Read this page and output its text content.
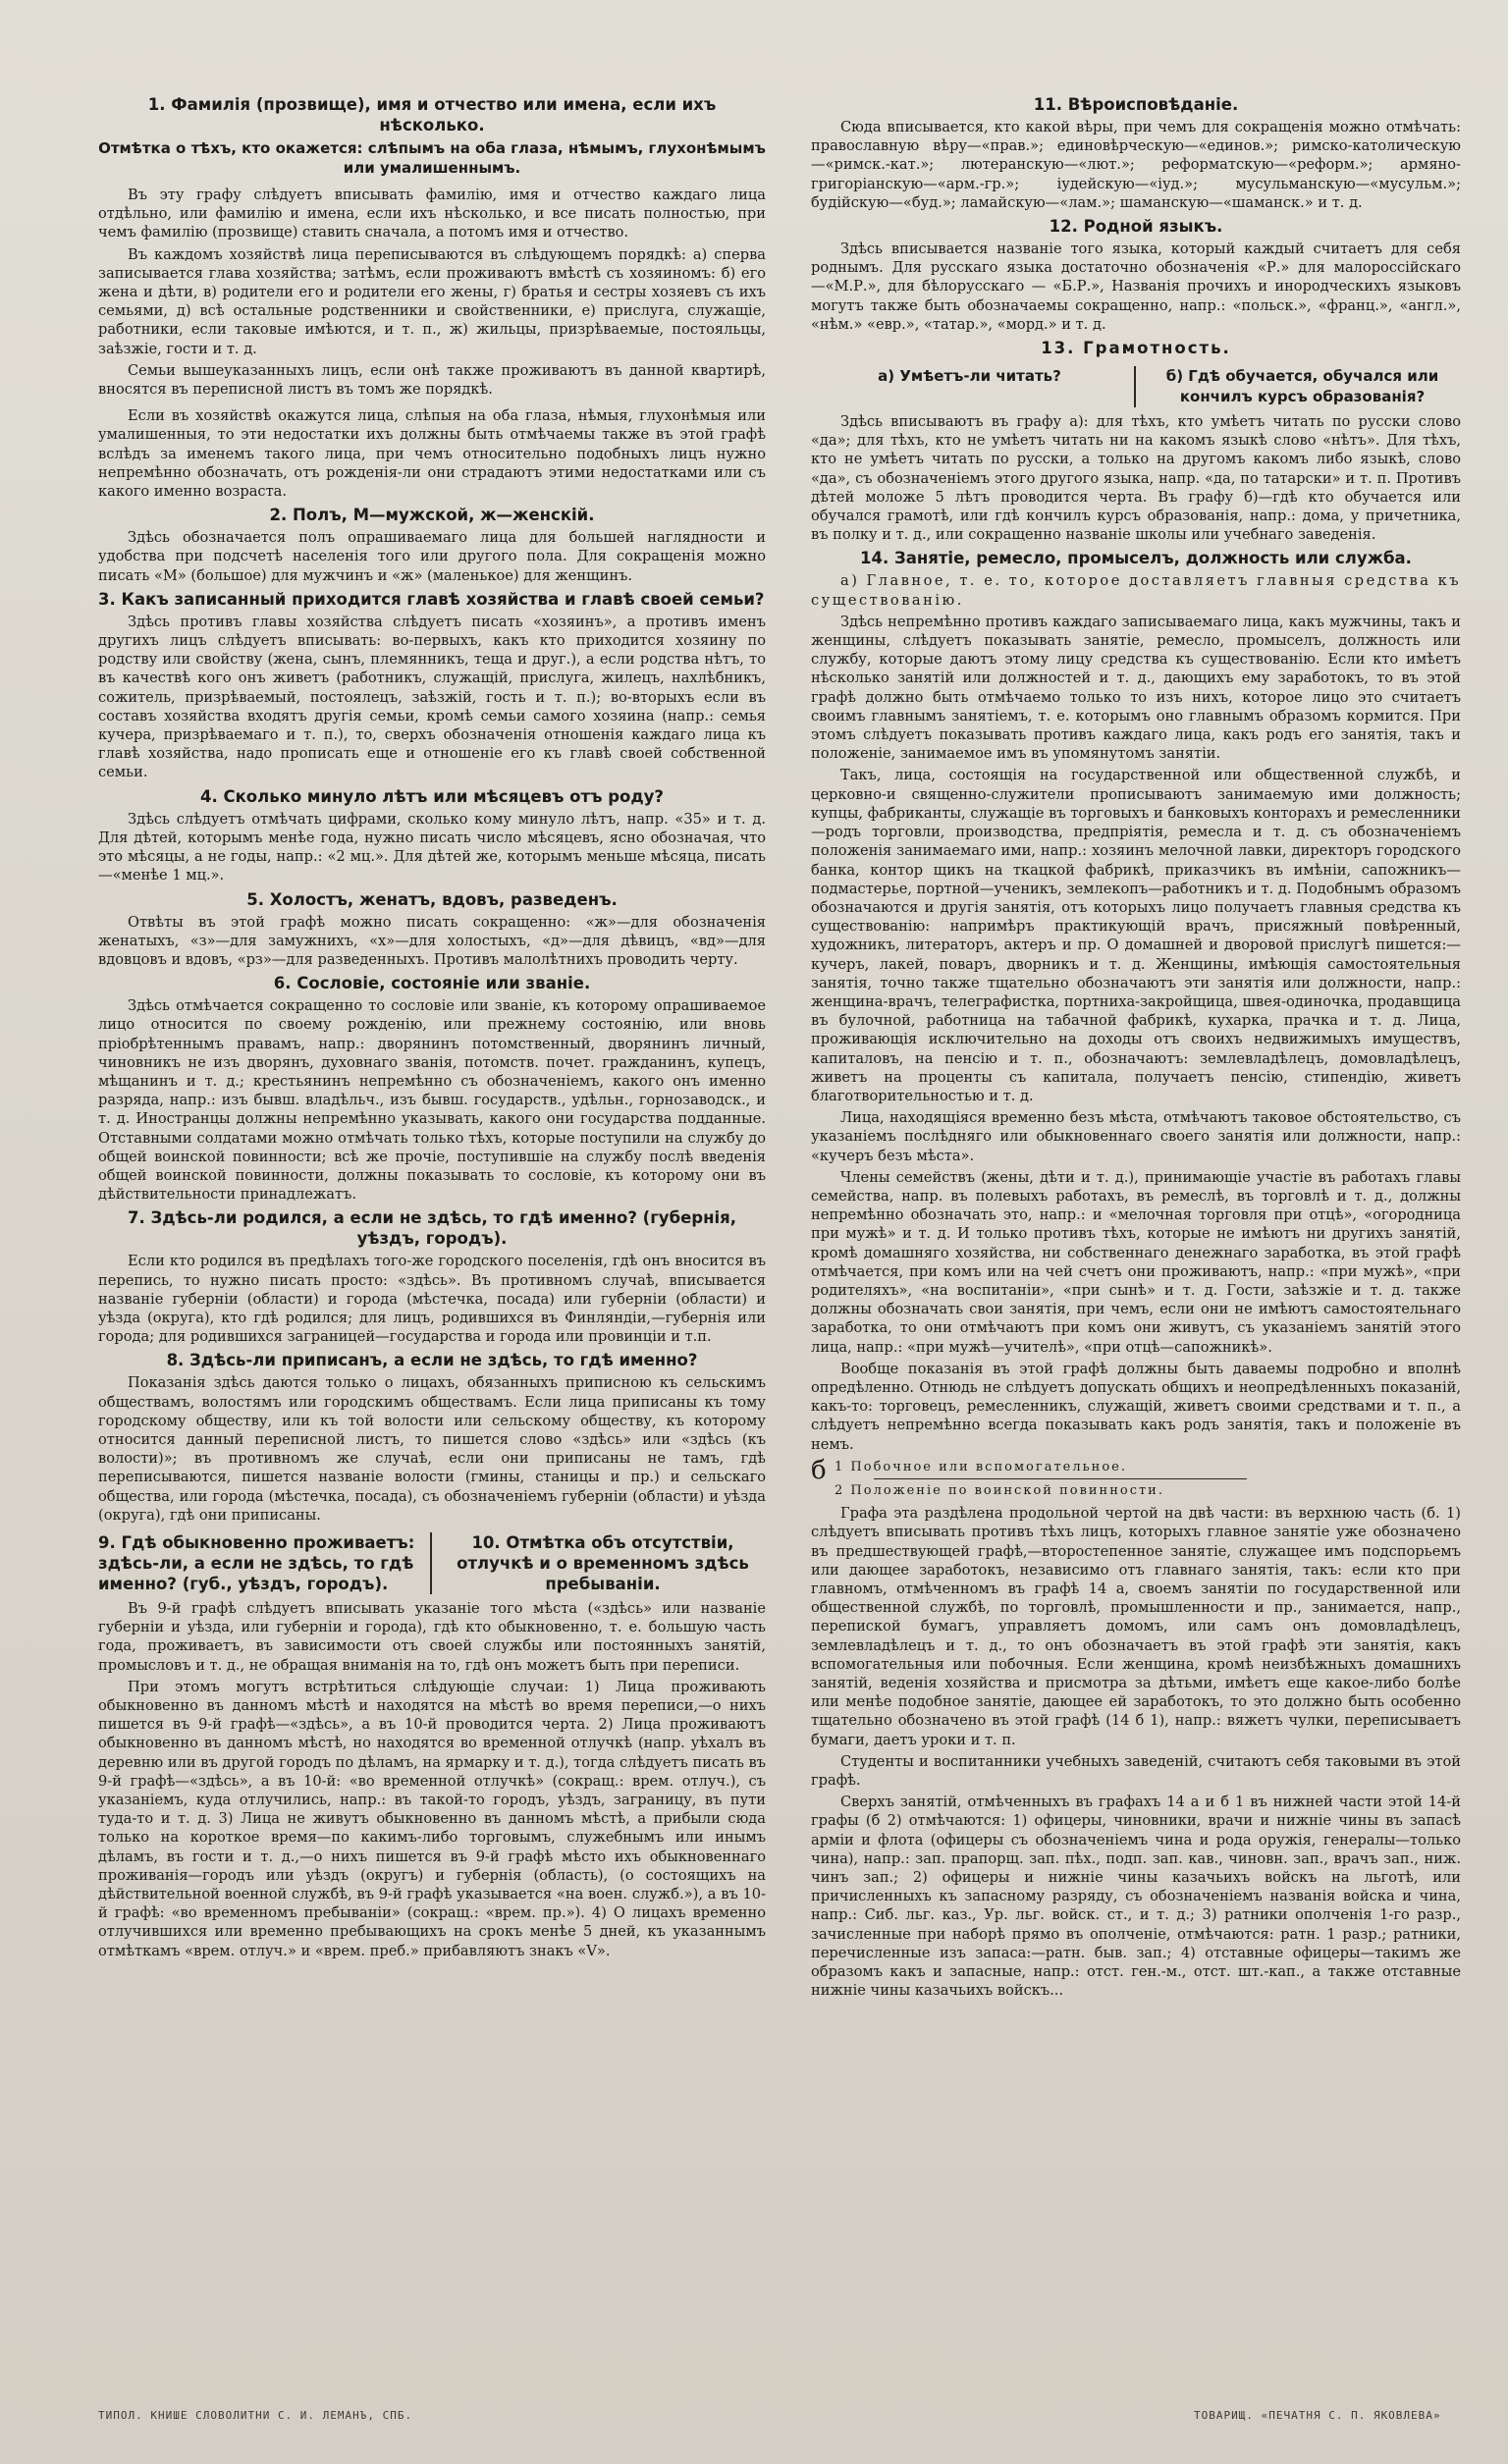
1. Фамилія (прозвище), имя и отчество или имена, если ихъ нѣсколько.
Отмѣтка о тѣхъ, кто окажется: слѣпымъ на оба глаза, нѣмымъ, глухонѣмымъ или умалишеннымъ.

Въ эту графу слѣдуетъ вписывать фамилію, имя и отчество каждаго лица отдѣльно, или фамилію и имена, если ихъ нѣсколько, и все писать полностью, при чемъ фамилію (прозвище) ставить сначала, а потомъ имя и отчество.

Въ каждомъ хозяйствѣ лица переписываются въ слѣдующемъ порядкѣ: а) сперва записывается глава хозяйства; затѣмъ, если проживаютъ вмѣстѣ съ хозяиномъ: б) его жена и дѣти, в) родители его и родители его жены, г) братья и сестры хозяевъ съ ихъ семьями, д) всѣ остальные родственники и свойственники, е) прислуга, служащіе, работники, если таковые имѣются, и т. п., ж) жильцы, призрѣваемые, постояльцы, заѣзжіе, гости и т. д.

Семьи вышеуказанныхъ лицъ, если онѣ также проживаютъ въ данной квартирѣ, вносятся въ переписной листъ въ томъ же порядкѣ.

Если въ хозяйствѣ окажутся лица, слѣпыя на оба глаза, нѣмыя, глухонѣмыя или умалишенныя, то эти недостатки ихъ должны быть отмѣчаемы также въ этой графѣ вслѣдъ за именемъ такого лица, при чемъ относительно подобныхъ лицъ нужно непремѣнно обозначать, отъ рожденія-ли они страдаютъ этими недостатками или съ какого именно возраста.

2. Полъ, М—мужской, ж—женскій.

Здѣсь обозначается полъ опрашиваемаго лица для большей наглядности и удобства при подсчетѣ населенія того или другого пола. Для сокращенія можно писать «М» (большое) для мужчинъ и «ж» (маленькое) для женщинъ.

3. Какъ записанный приходится главѣ хозяйства и главѣ своей семьи?

Здѣсь противъ главы хозяйства слѣдуетъ писать «хозяинъ», а противъ именъ другихъ лицъ слѣдуетъ вписывать: во-первыхъ, какъ кто приходится хозяину по родству или свойству (жена, сынъ, племянникъ, теща и друг.), а если родства нѣтъ, то въ качествѣ кого онъ живетъ (работникъ, служащій, прислуга, жилецъ, нахлѣбникъ, сожитель, призрѣваемый, постоялецъ, заѣзжій, гость и т. п.); во-вторыхъ если въ составъ хозяйства входятъ другія семьи, кромѣ семьи самого хозяина (напр.: семья кучера, призрѣваемаго и т. п.), то, сверхъ обозначенія отношенія каждаго лица къ главѣ хозяйства, надо прописать еще и отношеніе его къ главѣ своей собственной семьи.

4. Сколько минуло лѣтъ или мѣсяцевъ отъ роду?

Здѣсь слѣдуетъ отмѣчать цифрами, сколько кому минуло лѣтъ, напр. «35» и т. д. Для дѣтей, которымъ менѣе года, нужно писать число мѣсяцевъ, ясно обозначая, что это мѣсяцы, а не годы, напр.: «2 мц.». Для дѣтей же, которымъ меньше мѣсяца, писать—«менѣе 1 мц.».

5. Холостъ, женатъ, вдовъ, разведенъ.

Отвѣты въ этой графѣ можно писать сокращенно: «ж»—для обозначенія женатыхъ, «з»—для замужнихъ, «х»—для холостыхъ, «д»—для дѣвицъ, «вд»—для вдовцовъ и вдовъ, «рз»—для разведенныхъ. Противъ малолѣтнихъ проводить черту.

6. Сословіе, состояніе или званіе.

Здѣсь отмѣчается сокращенно то сословіе или званіе, къ которому опрашиваемое лицо относится по своему рожденію, или прежнему состоянію, или вновь пріобрѣтеннымъ правамъ, напр.: дворянинъ потомственный, дворянинъ личный, чиновникъ не изъ дворянъ, духовнаго званія, потомств. почет. гражданинъ, купецъ, мѣщанинъ и т. д.; крестьянинъ непремѣнно съ обозначеніемъ, какого онъ именно разряда, напр.: изъ бывш. владѣльч., изъ бывш. государств., удѣльн., горнозаводск., и т. д. Иностранцы должны непремѣнно указывать, какого они государства подданные. Отставными солдатами можно отмѣчать только тѣхъ, которые поступили на службу до общей воинской повинности; всѣ же прочіе, поступившіе на службу послѣ введенія общей воинской повинности, должны показывать то сословіе, къ которому они въ дѣйствительности принадлежатъ.

7. Здѣсь-ли родился, а если не здѣсь, то гдѣ именно? (губернія, уѣздъ, городъ).

Если кто родился въ предѣлахъ того-же городского поселенія, гдѣ онъ вносится въ перепись, то нужно писать просто: «здѣсь». Въ противномъ случаѣ, вписывается названіе губерніи (области) и города (мѣстечка, посада) или губерніи (области) и уѣзда (округа), кто гдѣ родился; для лицъ, родившихся въ Финляндіи,—губернія или города; для родившихся заграницей—государства и города или провинціи и т.п.

8. Здѣсь-ли приписанъ, а если не здѣсь, то гдѣ именно?

Показанія здѣсь даются только о лицахъ, обязанныхъ приписною къ сельскимъ обществамъ, волостямъ или городскимъ обществамъ. Если лица приписаны къ тому городскому обществу, или къ той волости или сельскому обществу, къ которому относится данный переписной листъ, то пишется слово «здѣсь» или «здѣсь (къ волости)»; въ противномъ же случаѣ, если они приписаны не тамъ, гдѣ переписываются, пишется названіе волости (гмины, станицы и пр.) и сельскаго общества, или города (мѣстечка, посада), съ обозначеніемъ губерніи (области) и уѣзда (округа), гдѣ они приписаны.

9. Гдѣ обыкновенно проживаетъ: здѣсь-ли, а если не здѣсь, то гдѣ именно? (губ., уѣздъ, городъ).
10. Отмѣтка объ отсутствіи, отлучкѣ и о временномъ здѣсь пребываніи.

Въ 9-й графѣ слѣдуетъ вписывать указаніе того мѣста («здѣсь» или названіе губерніи и уѣзда, или губерніи и города), гдѣ кто обыкновенно, т. е. большую часть года, проживаетъ, въ зависимости отъ своей службы или постоянныхъ занятій, промысловъ и т. д., не обращая вниманія на то, гдѣ онъ можетъ быть при переписи.

При этомъ могутъ встрѣтиться слѣдующіе случаи: 1) Лица проживають обыкновенно въ данномъ мѣстѣ и находятся на мѣстѣ во время переписи,—о нихъ пишется въ 9-й графѣ—«здѣсь», а въ 10-й проводится черта. 2) Лица проживаютъ обыкновенно въ данномъ мѣстѣ, но находятся во временной отлучкѣ (напр. уѣхалъ въ деревню или въ другой городъ по дѣламъ, на ярмарку и т. д.), тогда слѣдуетъ писать въ 9-й графѣ—«здѣсь», а въ 10-й: «во временной отлучкѣ» (сокращ.: врем. отлуч.), съ указаніемъ, куда отлучились, напр.: въ такой-то городъ, уѣздъ, заграницу, въ пути туда-то и т. д. 3) Лица не живутъ обыкновенно въ данномъ мѣстѣ, а прибыли сюда только на короткое время—по какимъ-либо торговымъ, служебнымъ или инымъ дѣламъ, въ гости и т. д.,—о нихъ пишется въ 9-й графѣ мѣсто ихъ обыкновеннаго проживанія—городъ или уѣздъ (округъ) и губернія (область), (о состоящихъ на дѣйствительной военной службѣ, въ 9-й графѣ указывается «на воен. служб.»), а въ 10-й графѣ: «во временномъ пребываніи» (сокращ.: «врем. пр.»). 4) О лицахъ временно отлучившихся или временно пребывающихъ на срокъ менѣе 5 дней, къ указаннымъ отмѣткамъ «врем. отлуч.» и «врем. преб.» прибавляютъ знакъ «V».

11. Вѣроисповѣданіе.

Сюда вписывается, кто какой вѣры, при чемъ для сокращенія можно отмѣчать: православную вѣру—«прав.»; единовѣрческую—«единов.»; римско-католическую—«римск.-кат.»; лютеранскую—«лют.»; реформатскую—«реформ.»; армяно-григоріанскую—«арм.-гр.»; іудейскую—«іуд.»; мусульманскую—«мусульм.»; будійскую—«буд.»; ламайскую—«лам.»; шаманскую—«шаманск.» и т. д.

12. Родной языкъ.

Здѣсь вписывается названіе того языка, который каждый считаетъ для себя роднымъ. Для русскаго языка достаточно обозначенія «Р.» для малороссійскаго—«М.Р.», для бѣлорусскаго — «Б.Р.», Названія прочихъ и инородческихъ языковъ могутъ также быть обозначаемы сокращенно, напр.: «польск.», «франц.», «англ.», «нѣм.» «евр.», «татар.», «морд.» и т. д.

13. Грамотность.
а) Умѣетъ-ли читать?	б) Гдѣ обучается, обучался или кончилъ курсъ образованія?

Здѣсь вписываютъ въ графу а): для тѣхъ, кто умѣетъ читать по русски слово «да»; для тѣхъ, кто не умѣетъ читать ни на какомъ языкѣ слово «нѣтъ». Для тѣхъ, кто не умѣетъ читать по русски, а только на другомъ какомъ либо языкѣ, слово «да», съ обозначеніемъ этого другого языка, напр. «да, по татарски» и т. п. Противъ дѣтей моложе 5 лѣтъ проводится черта. Въ графу б)—гдѣ кто обучается или обучался грамотѣ, или гдѣ кончилъ курсъ образованія, напр.: дома, у причетника, въ полку и т. д., или сокращенно названіе школы или учебнаго заведенія.

14. Занятіе, ремесло, промыселъ, должность или служба.

а) Главное, т. е. то, которое доставляетъ главныя средства къ существованію.

Здѣсь непремѣнно противъ каждаго записываемаго лица, какъ мужчины, такъ и женщины, слѣдуетъ показывать занятіе, ремесло, промыселъ, должность или службу, которые даютъ этому лицу средства къ существованію. Если кто имѣетъ нѣсколько занятій или должностей и т. д., дающихъ ему заработокъ, то въ этой графѣ должно быть отмѣчаемо только то изъ нихъ, которое лицо это считаетъ своимъ главнымъ занятіемъ, т. е. которымъ оно главнымъ образомъ кормится. При этомъ слѣдуетъ показывать противъ каждаго лица, какъ родъ его занятія, такъ и положеніе, занимаемое имъ въ упомянутомъ занятіи.

Такъ, лица, состоящія на государственной или общественной службѣ, и церковно-и священно-служители прописываютъ занимаемую ими должность; купцы, фабриканты, служащіе въ торговыхъ и банковыхъ конторахъ и ремесленники—родъ торговли, производства, предпріятія, ремесла и т. д. съ обозначеніемъ положенія занимаемаго ими, напр.: хозяинъ мелочной лавки, директоръ городского банка, контор щикъ на ткацкой фабрикѣ, приказчикъ въ имѣніи, сапожникъ—подмастерье, портной—ученикъ, землекопъ—работникъ и т. д. Подобнымъ образомъ обозначаются и другія занятія, отъ которыхъ лицо получаетъ главныя средства къ существованію: напримѣръ практикующій врачъ, присяжный повѣренный, художникъ, литераторъ, актеръ и пр. О домашней и дворовой прислугѣ пишется:—кучеръ, лакей, поваръ, дворникъ и т. д. Женщины, имѣющія самостоятельныя занятія, точно также тщательно обозначаютъ эти занятія или должности, напр.: женщина-врачъ, телеграфистка, портниха-закройщица, швея-одиночка, продавщица въ булочной, работница на табачной фабрикѣ, кухарка, прачка и т. д. Лица, проживающія исключительно на доходы отъ своихъ недвижимыхъ имуществъ, капиталовъ, на пенсію и т. п., обозначаютъ: землевладѣлецъ, домовладѣлецъ, живетъ на проценты съ капитала, получаетъ пенсію, стипендію, живетъ благотворительностью и т. д.

Лица, находящіяся временно безъ мѣста, отмѣчаютъ таковое обстоятельство, съ указаніемъ послѣдняго или обыкновеннаго своего занятія или должности, напр.: «кучеръ безъ мѣста».

Члены семействъ (жены, дѣти и т. д.), принимающіе участіе въ работахъ главы семейства, напр. въ полевыхъ работахъ, въ ремеслѣ, въ торговлѣ и т. д., должны непремѣнно обозначать это, напр.: и «мелочная торговля при отцѣ», «огородница при мужѣ» и т. д. И только противъ тѣхъ, которые не имѣютъ ни другихъ занятій, кромѣ домашняго хозяйства, ни собственнаго денежнаго заработка, въ этой графѣ отмѣчается, при комъ или на чей счетъ они проживаютъ, напр.: «при мужѣ», «при родителяхъ», «на воспитаніи», «при сынѣ» и т. д. Гости, заѣзжіе и т. д. также должны обозначать свои занятія, при чемъ, если они не имѣютъ самостоятельнаго заработка, то они отмѣчаютъ при комъ они живутъ, съ указаніемъ занятій этого лица, напр.: «при мужѣ—учителѣ», «при отцѣ—сапожникѣ».

Вообще показанія въ этой графѣ должны быть даваемы подробно и вполнѣ опредѣленно. Отнюдь не слѣдуетъ допускать общихъ и неопредѣленныхъ показаній, какъ-то: торговецъ, ремесленникъ, служащій, живетъ своими средствами и т. п., а слѣдуетъ непремѣнно всегда показывать какъ родъ занятія, такъ и положеніе въ немъ.

б 1 Побочное или вспомогательное.
2 Положеніе по воинской повинности.

Графа эта раздѣлена продольной чертой на двѣ части: въ верхнюю часть (б. 1) слѣдуетъ вписывать противъ тѣхъ лицъ, которыхъ главное занятіе уже обозначено въ предшествующей графѣ,—второстепенное занятіе, служащее имъ подспорьемъ или дающее заработокъ, независимо отъ главнаго занятія, такъ: если кто при главномъ, отмѣченномъ въ графѣ 14 а, своемъ занятіи по государственной или общественной службѣ, по торговлѣ, промышленности и пр., занимается, напр., перепиской бумагъ, управляетъ домомъ, или самъ онъ домовладѣлецъ, землевладѣлецъ и т. д., то онъ обозначаетъ въ этой графѣ эти занятія, какъ вспомогательныя или побочныя. Если женщина, кромѣ неизбѣжныхъ домашнихъ занятій, веденія хозяйства и присмотра за дѣтьми, имѣетъ еще какое-либо болѣе или менѣе подобное занятіе, дающее ей заработокъ, то это должно быть особенно тщательно обозначено въ этой графѣ (14 б 1), напр.: вяжетъ чулки, переписываетъ бумаги, даетъ уроки и т. п.

Студенты и воспитанники учебныхъ заведеній, считаютъ себя таковыми въ этой графѣ.

Сверхъ занятій, отмѣченныхъ въ графахъ 14 а и б 1 въ нижней части этой 14-й графы (б 2) отмѣчаются: 1) офицеры, чиновники, врачи и нижніе чины въ запасѣ арміи и флота (офицеры съ обозначеніемъ чина и рода оружія, генералы—только чина), напр.: зап. прапорщ. зап. пѣх., подп. зап. кав., чиновн. зап., врачъ зап., ниж. чинъ зап.; 2) офицеры и нижніе чины казачьихъ войскъ на льготѣ, или причисленныхъ къ запасному разряду, съ обозначеніемъ названія войска и чина, напр.: Сиб. льг. каз., Ур. льг. войск. ст., и т. д.; 3) ратники ополченія 1-го разр., зачисленные при наборѣ прямо въ ополченіе, отмѣчаются: ратн. 1 разр.; ратники, перечисленные изъ запаса:—ратн. быв. зап.; 4) отставные офицеры—такимъ же образомъ какъ и запасные, напр.: отст. ген.-м., отст. шт.-кап., а также отставные нижніе чины казачьихъ войскъ...

ТИПОЛ. КНИШЕ СЛОВОЛИТНИ С. И. ЛЕМАНЪ, СПБ.	ТОВАРИЩ. «ПЕЧАТНЯ С. П. ЯКОВЛЕВА»
